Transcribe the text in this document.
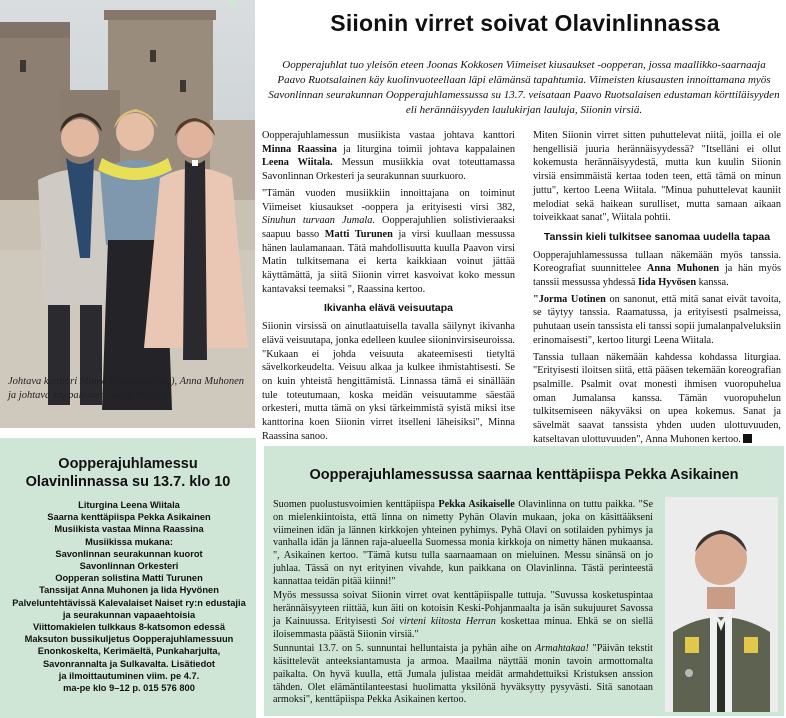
Johtava kanttori Minna Raassina (vas.), Anna Muhonen ja johtava kappalainen Leena Wiitala
Siionin virret soivat Olavinlinnassa
Oopperajuhlat tuo yleisön eteen Joonas Kokkosen Viimeiset kiusaukset -oopperan, jossa maallikko-saarnaaja Paavo Ruotsalainen käy kuolinvuoteellaan läpi elämänsä tapahtumia. Viimeisten kiusausten innoittamana myös Savonlinnan seurakunnan Oopperajuhlamessussa su 13.7. veisataan Paavo Ruotsalaisen edustaman körttiläisyyden eli herännäisyyden laulukirjan lauluja, Siionin virsiä.

Oopperajuhlamessun musiikista vastaa johtava kanttori Minna Raassina ja liturgina toimii johtava kappalainen Leena Wiitala. Messun musiikkia ovat toteuttamassa Savonlinnan Orkesteri ja seurakunnan suurkuoro.

"Tämän vuoden musiikkiin innoittajana on toiminut Viimeiset kiusaukset -ooppera ja erityisesti virsi 382, Sinuhun turvaan Jumala. Oopperajuhlien solistivieraaksi saapuu basso Matti Turunen ja virsi kuullaan messussa hänen laulamanaan. Tätä mahdollisuutta kuulla Paavon virsi Matin tulkitsemana ei kerta kaikkiaan voinut jättää käyttämättä, ja siitä Siionin virret kasvoivat koko messun kantavaksi teemaksi ", Raassina kertoo.

Ikivanha elävä veisuutapa

Siionin virsissä on ainutlaatuisella tavalla säilynyt ikivanha elävä veisuutapa, jonka edelleen kuulee siioninvirsiseuroissa. "Kukaan ei johda veisuuta akateemisesti tietyltä sävelkorkeudelta. Veisuu alkaa ja kulkee ihmistahtisesti. Se on kuin yhteistä hengittämistä. Linnassa tämä ei sinällään tule toteutumaan, koska meidän veisuutamme säestää orkesteri, mutta tämä on yksi tärkeimmistä syistä miksi itse kanttorina koen Siionin virret itselleni läheisiksi", Minna Raassina sanoo.

Miten Siionin virret sitten puhuttelevat niitä, joilla ei ole hengellisiä juuria herännäisyydessä? "Itselläni ei ollut kokemusta herännäisyydestä, mutta kun kuulin Siionin virsiä ensimmäistä kertaa toden teen, että tämä on minun juttu", kertoo Leena Wiitala. "Minua puhuttelevat kauniit melodiat sekä haikean surulliset, mutta samaan aikaan toiveikkaat sanat", Wiitala pohtii.

Tanssin kieli tulkitsee sanomaa uudella tapaa

Oopperajuhlamessussa tullaan näkemään myös tanssia. Koreografiat suunnittelee Anna Muhonen ja hän myös tanssii messussa yhdessä Iida Hyvösen kanssa.

"Jorma Uotinen on sanonut, että mitä sanat eivät tavoita, se täytyy tanssia. Raamatussa, ja erityisesti psalmeissa, puhutaan usein tanssista eli tanssi sopii jumalanpalveluksiin erinomaisesti", kertoo liturgi Leena Wiitala.

Tanssia tullaan näkemään kahdessa kohdassa liturgiaa. "Erityisesti iloitsen siitä, että pääsen tekemään koreografian psalmille. Psalmit ovat monesti ihmisen vuoropuhelua oman Jumalansa kanssa. Tämän vuoropuhelun tulkitsemiseen näkyväksi on upea kokemus. Sanat ja sävelmät saavat tanssista yhden uuden ulottuvuuden, katseltavan ulottuvuuden", Anna Muhonen kertoo.

Oopperajuhlamessu
Olavinlinnassa su 13.7. klo 10
Liturgina Leena Wiitala
Saarna kenttäpiispa Pekka Asikainen
Musiikista vastaa Minna Raassina
Musiikissa mukana:
Savonlinnan seurakunnan kuorot
Savonlinnan Orkesteri
Oopperan solistina Matti Turunen
Tanssijat Anna Muhonen ja Iida Hyvönen
Palveluntehtävissä Kalevalaiset Naiset ry:n edustajia
ja seurakunnan vapaaehtoisia
Viittomakielen tulkkaus 8-katsomon edessä
Maksuton bussikuljetus Oopperajuhlamessuun
Enonkoskelta, Kerimäeltä, Punkaharjulta,
Savonrannalta ja Sulkavalta. Lisätiedot
ja ilmoittautuminen viim. pe 4.7.
ma-pe klo 9–12 p. 015 576 800
Oopperajuhlamessussa saarnaa kenttäpiispa Pekka Asikainen

Suomen puolustusvoimien kenttäpiispa Pekka Asikaiselle Olavinlinna on tuttu paikka. "Se on mielenkiintoista, että linna on nimetty Pyhän Olavin mukaan, joka on käsittääkseni viimeinen idän ja lännen kirkkojen yhteinen pyhimys. Pyhä Olavi on sotilaiden pyhimys ja vanhalla idän ja lännen raja-alueella Suomessa monia kirkkoja on nimetty hänen mukaansa. ", Asikainen kertoo. "Tämä kutsu tulla saarnaamaan on mieluinen. Messu sinänsä on jo juhlaa. Tässä on nyt erityinen vivahde, kun paikkana on Olavinlinna. Tästä perinteestä kannattaa teidän pitää kiinni!"

Myös messussa soivat Siionin virret ovat kenttäpiispalle tuttuja. "Suvussa kosketuspintaa herännäisyyteen riittää, kun äiti on kotoisin Keski-Pohjanmaalta ja isän sukujuuret Savossa ja Kainuussa. Erityisesti Soi virteni kiitosta Herran koskettaa minua. Ehkä se on siellä iloisemmasta päästä Siionin virsiä."

Sunnuntai 13.7. on 5. sunnuntai helluntaista ja pyhän aihe on Armahtakaa! "Päivän tekstit käsittelevät anteeksiantamusta ja armoa. Maailma näyttää monin tavoin armottomalta paikalta. On hyvä kuulla, että Jumala julistaa meidät armahdettuiksi Kristuksen anssion tähden. Olet elämäntilanteestasi huolimatta yksilönä hyväksytty pysyvästi. Sitä sanotaan armoksi", kenttäpiispa Pekka Asikainen kertoo.
